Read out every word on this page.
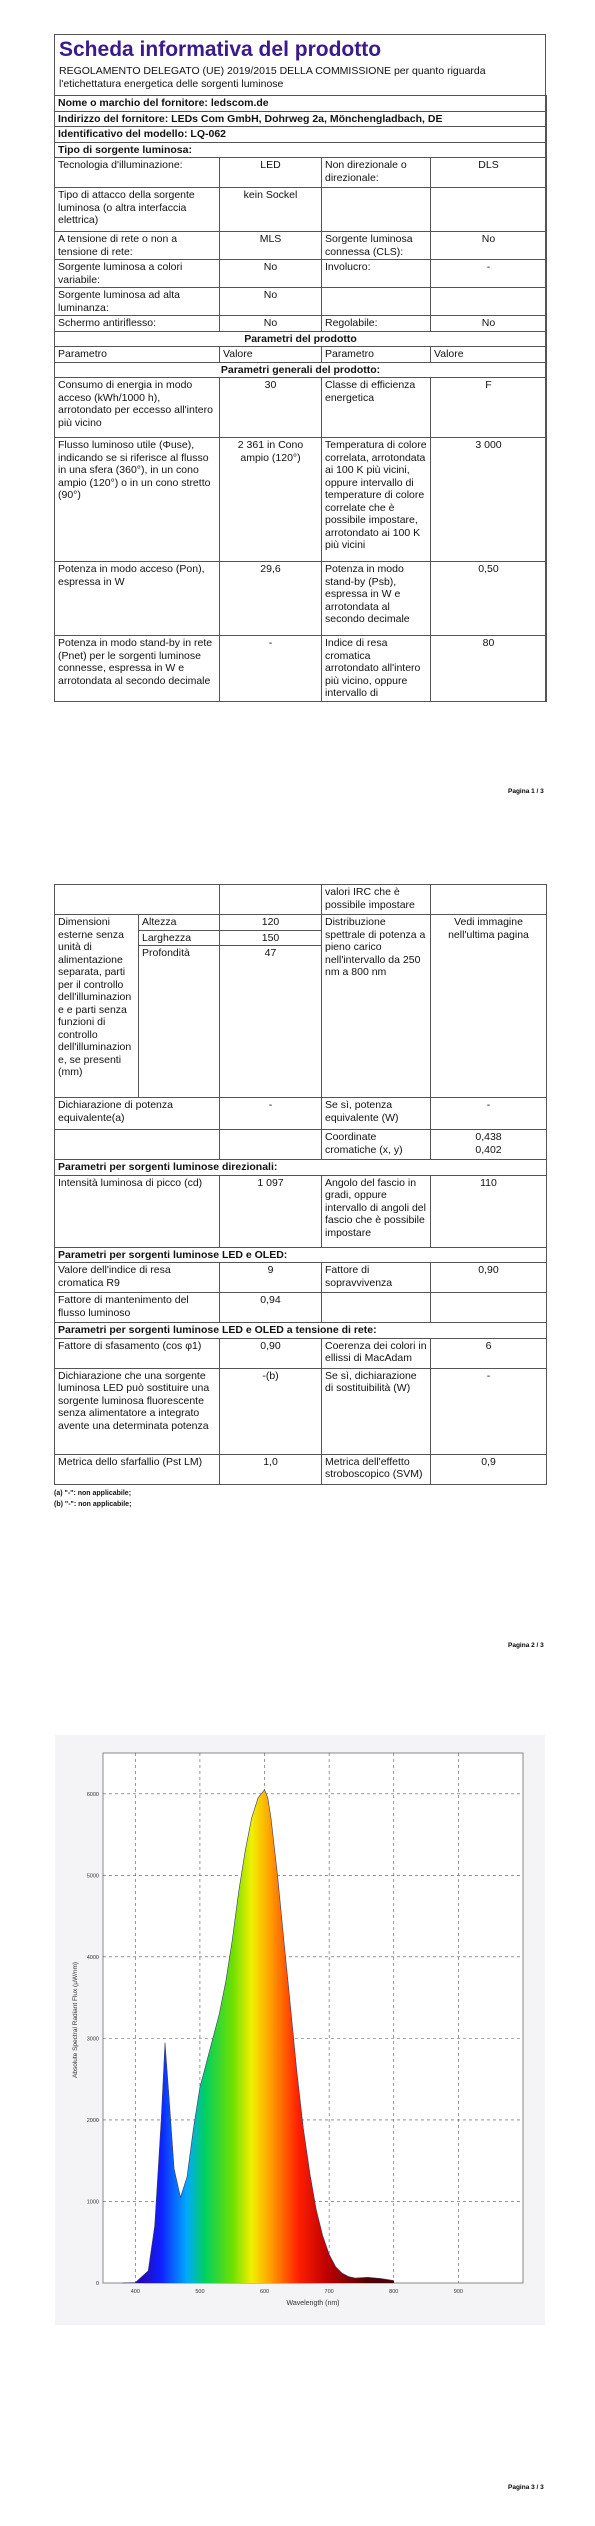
Scheda informativa del prodotto
REGOLAMENTO DELEGATO (UE) 2019/2015 DELLA COMMISSIONE per quanto riguarda l'etichettatura energetica delle sorgenti luminose
Nome o marchio del fornitore: ledscom.de			
Indirizzo del fornitore: LEDs Com GmbH, Dohrweg 2a, Mönchengladbach, DE			
Identificativo del modello: LQ-062			
Tipo di sorgente luminosa:			
Tecnologia d'illuminazione:	LED	Non direzionale o direzionale:	DLS
Tipo di attacco della sorgente luminosa (o altra interfaccia elettrica)	kein Sockel		
A tensione di rete o non a tensione di rete:	MLS	Sorgente luminosa connessa (CLS):	No
Sorgente luminosa a colori variabile:	No	Involucro:	-
Sorgente luminosa ad alta luminanza:	No		
Schermo antiriflesso:	No	Regolabile:	No
Parametri del prodotto			
Parametro	Valore	Parametro	Valore
Parametri generali del prodotto:			
Consumo di energia in modo acceso (kWh/1000 h), arrotondato per eccesso all'intero più vicino	30	Classe di efficienza energetica	F
Flusso luminoso utile (Φuse), indicando se si riferisce al flusso in una sfera (360°), in un cono ampio (120°) o in un cono stretto (90°)	2 361 in Cono ampio (120°)	Temperatura di colore correlata, arrotondata ai 100 K più vicini, oppure intervallo di temperature di colore correlate che è possibile impostare, arrotondato ai 100 K più vicini	3 000
Potenza in modo acceso (Pon), espressa in W	29,6	Potenza in modo stand-by (Psb), espressa in W e arrotondata al secondo decimale	0,50
Potenza in modo stand-by in rete (Pnet) per le sorgenti luminose connesse, espressa in W e arrotondata al secondo decimale	-	Indice di resa cromatica arrotondato all'intero più vicino, oppure intervallo di	80
Pagina 1 / 3
			valori IRC che è possibile impostare	
Dimensioni esterne senza unità di alimentazione separata, parti per il controllo dell'illuminazione e parti senza funzioni di controllo dell'illuminazione, se presenti (mm)	Altezza	120	Distribuzione spettrale di potenza a pieno carico nell'intervallo da 250 nm a 800 nm	Vedi immagine nell'ultima pagina
	Larghezza	150		
	Profondità	47		
Dichiarazione di potenza equivalente(a)		-	Se sì, potenza equivalente (W)	-
			Coordinate cromatiche (x, y)	0,438
0,402
Parametri per sorgenti luminose direzionali:				
Intensità luminosa di picco (cd)		1 097	Angolo del fascio in gradi, oppure intervallo di angoli del fascio che è possibile impostare	110
Parametri per sorgenti luminose LED e OLED:				
Valore dell'indice di resa cromatica R9		9	Fattore di sopravvivenza	0,90
Fattore di mantenimento del flusso luminoso		0,94		
Parametri per sorgenti luminose LED e OLED a tensione di rete:				
Fattore di sfasamento (cos φ1)		0,90	Coerenza dei colori in ellissi di MacAdam	6
Dichiarazione che una sorgente luminosa LED può sostituire una sorgente luminosa fluorescente senza alimentatore a integrato avente una determinata potenza		-(b)	Se sì, dichiarazione di sostituibilità (W)	-
Metrica dello sfarfallio (Pst LM)		1,0	Metrica dell'effetto stroboscopico (SVM)	0,9
(a) "-": non applicabile;
(b) "-": non applicabile;
Pagina 2 / 3
400	500	600	700	800	900
0
1000
2000
3000
4000
5000
6000
Absolute Spectral Radiant Flux (µW/nm)
Wavelength (nm)
Pagina 3 / 3
